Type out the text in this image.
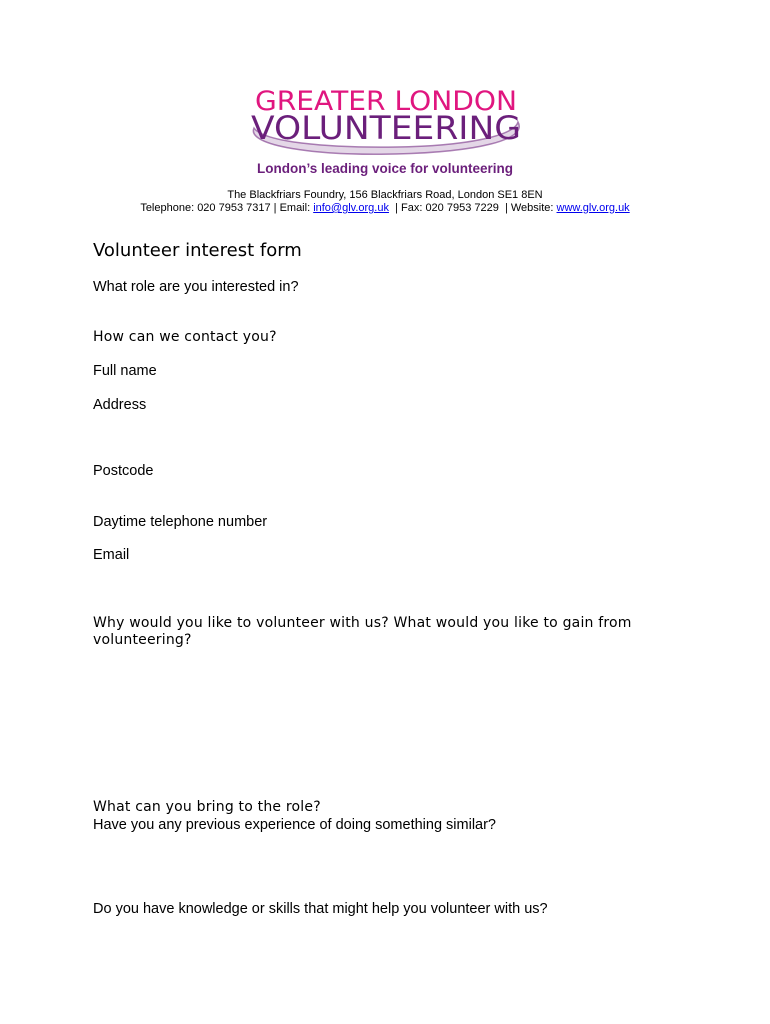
GREATER LONDON
VOLUNTEERING
London’s leading voice for volunteering
The Blackfriars Foundry, 156 Blackfriars Road, London SE1 8EN
Telephone: 020 7953 7317 | Email: info@glv.org.uk  | Fax: 020 7953 7229  | Website: www.glv.org.uk
Volunteer interest form
What role are you interested in?
How can we contact you?
Full name
Address
Postcode
Daytime telephone number
Email
Why would you like to volunteer with us? What would you like to gain from volunteering?
What can you bring to the role?
Have you any previous experience of doing something similar?
Do you have knowledge or skills that might help you volunteer with us?
